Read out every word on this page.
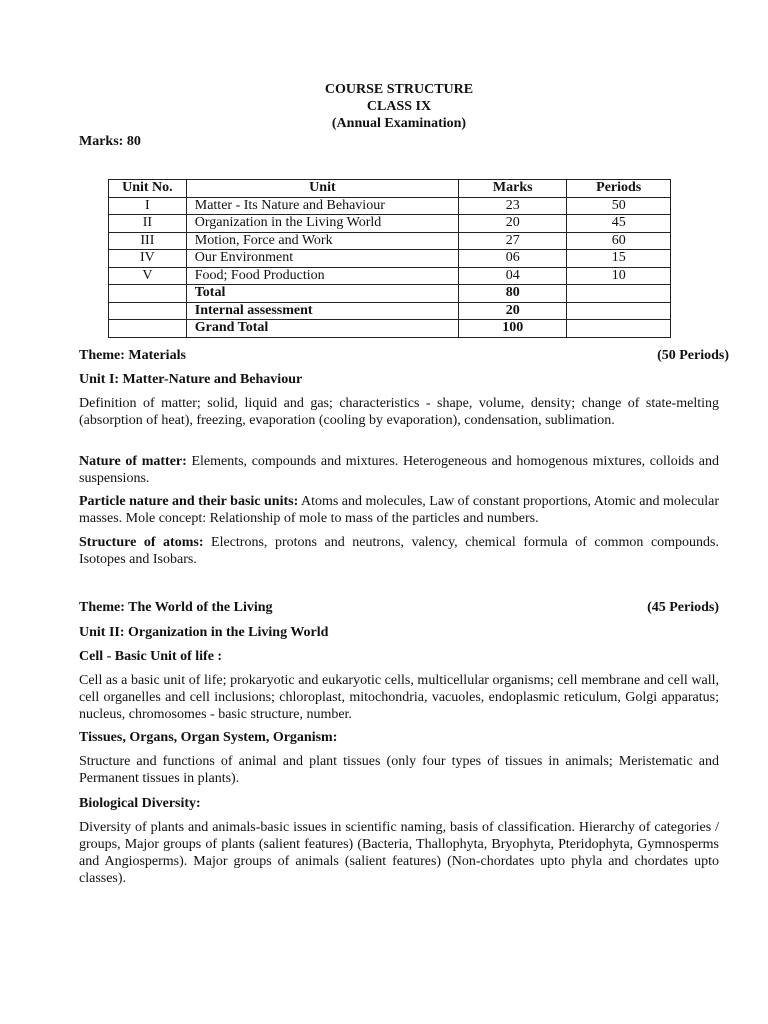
COURSE STRUCTURE
CLASS IX
(Annual Examination)
Marks: 80
Unit No.	Unit	Marks	Periods
I	Matter - Its Nature and Behaviour	23	50
II	Organization in the Living World	20	45
III	Motion, Force and Work	27	60
IV	Our Environment	06	15
V	Food; Food Production	04	10
	Total	80	
	Internal assessment	20	
	Grand Total	100	
Theme: Materials	(50 Periods)
Unit I: Matter-Nature and Behaviour
Definition of matter; solid, liquid and gas; characteristics - shape, volume, density; change of state-melting (absorption of heat), freezing, evaporation (cooling by evaporation), condensation, sublimation.
Nature of matter: Elements, compounds and mixtures. Heterogeneous and homogenous mixtures, colloids and suspensions.
Particle nature and their basic units: Atoms and molecules, Law of constant proportions, Atomic and molecular masses. Mole concept: Relationship of mole to mass of the particles and numbers.
Structure of atoms: Electrons, protons and neutrons, valency, chemical formula of common compounds. Isotopes and Isobars.
Theme: The World of the Living	(45 Periods)
Unit II: Organization in the Living World
Cell - Basic Unit of life :
Cell as a basic unit of life; prokaryotic and eukaryotic cells, multicellular organisms; cell membrane and cell wall, cell organelles and cell inclusions; chloroplast, mitochondria, vacuoles, endoplasmic reticulum, Golgi apparatus; nucleus, chromosomes - basic structure, number.
Tissues, Organs, Organ System, Organism:
Structure and functions of animal and plant tissues (only four types of tissues in animals; Meristematic and Permanent tissues in plants).
Biological Diversity:
Diversity of plants and animals-basic issues in scientific naming, basis of classification. Hierarchy of categories / groups, Major groups of plants (salient features) (Bacteria, Thallophyta, Bryophyta, Pteridophyta, Gymnosperms and Angiosperms). Major groups of animals (salient features) (Non-chordates upto phyla and chordates upto classes).
